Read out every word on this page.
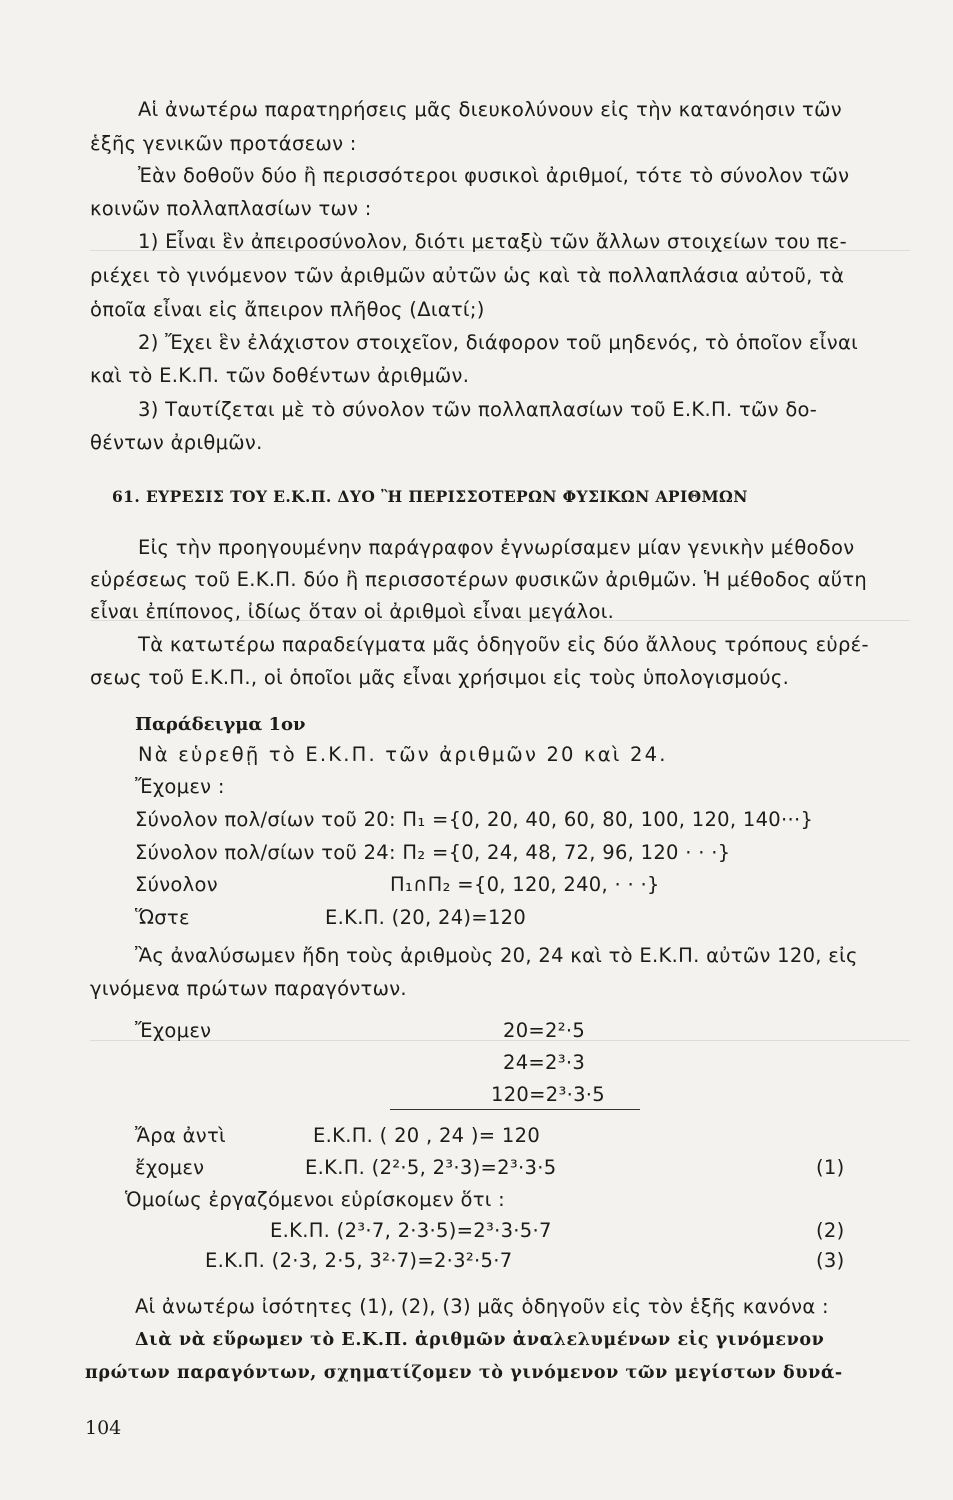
Αἱ ἀνωτέρω παρατηρήσεις μᾶς διευκολύνουν εἰς τὴν κατανόησιν τῶν
ἑξῆς γενικῶν προτάσεων :
Ἐὰν δοθοῦν δύο ἢ περισσότεροι φυσικοὶ ἀριθμοί, τότε τὸ σύνολον τῶν
κοινῶν πολλαπλασίων των :
1) Εἶναι ἓν ἀπειροσύνολον, διότι μεταξὺ τῶν ἄλλων στοιχείων του πε-
ριέχει τὸ γινόμενον τῶν ἀριθμῶν αὐτῶν ὡς καὶ τὰ πολλαπλάσια αὐτοῦ, τὰ
ὁποῖα εἶναι εἰς ἄπειρον πλῆθος (Διατί;)
2) Ἔχει ἓν ἐλάχιστον στοιχεῖον, διάφορον τοῦ μηδενός, τὸ ὁποῖον εἶναι
καὶ τὸ Ε.Κ.Π. τῶν δοθέντων ἀριθμῶν.
3) Ταυτίζεται μὲ τὸ σύνολον τῶν πολλαπλασίων τοῦ Ε.Κ.Π. τῶν δο-
θέντων ἀριθμῶν.
61. ΕΥΡΕΣΙΣ ΤΟΥ Ε.Κ.Π. ΔΥΟ Ἢ ΠΕΡΙΣΣΟΤΕΡΩΝ ΦΥΣΙΚΩΝ ΑΡΙΘΜΩΝ
Εἰς τὴν προηγουμένην παράγραφον ἐγνωρίσαμεν μίαν γενικὴν μέθοδον
εὑρέσεως τοῦ Ε.Κ.Π. δύο ἢ περισσοτέρων φυσικῶν ἀριθμῶν. Ἡ μέθοδος αὕτη
εἶναι ἐπίπονος, ἰδίως ὅταν οἱ ἀριθμοὶ εἶναι μεγάλοι.
Τὰ κατωτέρω παραδείγματα μᾶς ὁδηγοῦν εἰς δύο ἄλλους τρόπους εὑρέ-
σεως τοῦ Ε.Κ.Π., οἱ ὁποῖοι μᾶς εἶναι χρήσιμοι εἰς τοὺς ὑπολογισμούς.
Παράδειγμα 1ον
Νὰ εὑρεθῇ τὸ Ε.Κ.Π. τῶν ἀριθμῶν 20 καὶ 24.
Ἔχομεν :
Σύνολον πολ/σίων τοῦ 20: Π₁ ={0, 20, 40, 60, 80, 100, 120, 140···}
Σύνολον πολ/σίων τοῦ 24: Π₂ ={0, 24, 48, 72, 96, 120 · · ·}
Σύνολον	Π₁∩Π₂ ={0, 120, 240, · · ·}
Ὥστε	Ε.Κ.Π. (20, 24)=120
Ἂς ἀναλύσωμεν ἤδη τοὺς ἀριθμοὺς 20, 24 καὶ τὸ Ε.Κ.Π. αὐτῶν 120, εἰς
γινόμενα πρώτων παραγόντων.
Ἔχομεν	20=2²·5
24=2³·3
120=2³·3·5
Ἄρα ἀντὶ	Ε.Κ.Π. ( 20 , 24 )= 120
ἔχομεν	Ε.Κ.Π. (2²·5, 2³·3)=2³·3·5	(1)
Ὁμοίως ἐργαζόμενοι εὑρίσκομεν ὅτι :
Ε.Κ.Π. (2³·7, 2·3·5)=2³·3·5·7	(2)
Ε.Κ.Π. (2·3, 2·5, 3²·7)=2·3²·5·7	(3)
Αἱ ἀνωτέρω ἰσότητες (1), (2), (3) μᾶς ὁδηγοῦν εἰς τὸν ἑξῆς κανόνα :
Διὰ νὰ εὕρωμεν τὸ Ε.Κ.Π. ἀριθμῶν ἀναλελυμένων εἰς γινόμενον
πρώτων παραγόντων, σχηματίζομεν τὸ γινόμενον τῶν μεγίστων δυνά-
104
